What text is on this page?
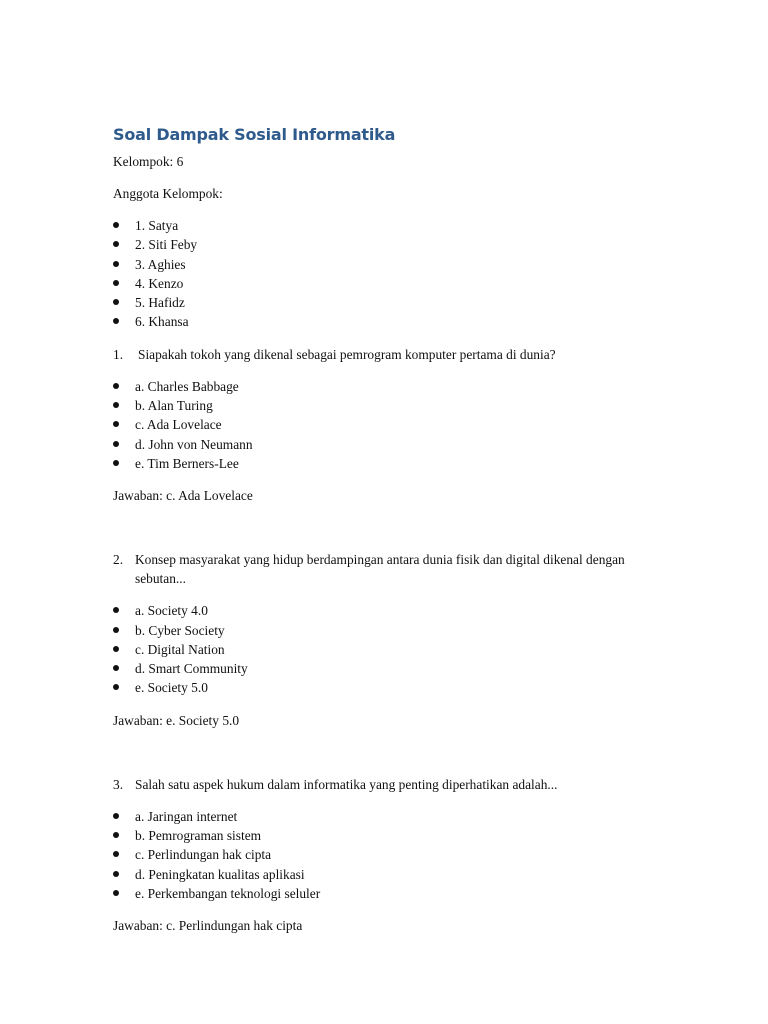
Soal Dampak Sosial Informatika

Kelompok: 6

Anggota Kelompok:

1. Satya
2. Siti Feby
3. Aghies
4. Kenzo
5. Hafidz
6. Khansa
1. Siapakah tokoh yang dikenal sebagai pemrogram komputer pertama di dunia?
a. Charles Babbage
b. Alan Turing
c. Ada Lovelace
d. John von Neumann
e. Tim Berners-Lee

Jawaban: c. Ada Lovelace

2. Konsep masyarakat yang hidup berdampingan antara dunia fisik dan digital dikenal dengan sebutan...
a. Society 4.0
b. Cyber Society
c. Digital Nation
d. Smart Community
e. Society 5.0

Jawaban: e. Society 5.0

3. Salah satu aspek hukum dalam informatika yang penting diperhatikan adalah...
a. Jaringan internet
b. Pemrograman sistem
c. Perlindungan hak cipta
d. Peningkatan kualitas aplikasi
e. Perkembangan teknologi seluler

Jawaban: c. Perlindungan hak cipta
